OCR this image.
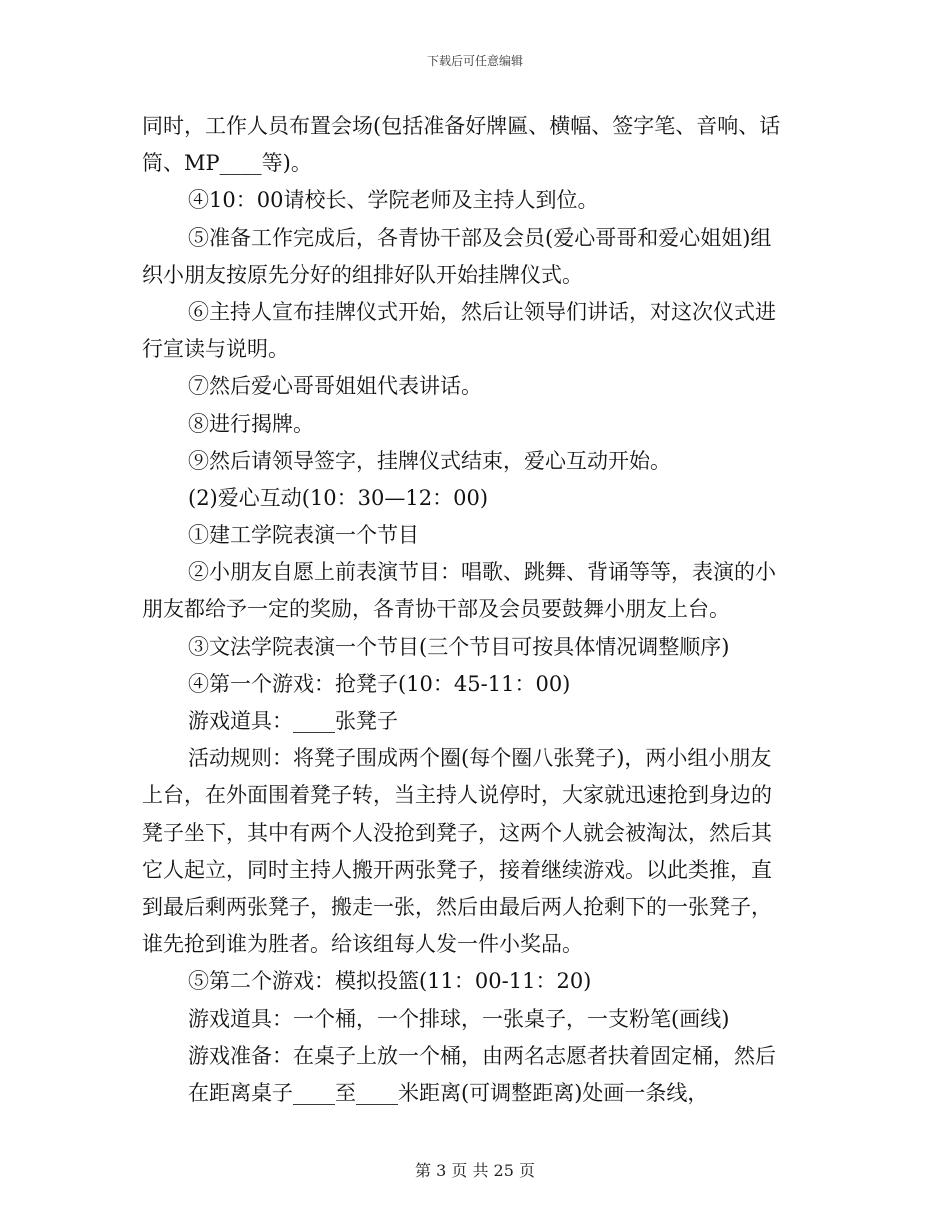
下载后可任意编辑
同时，工作人员布置会场(包括准备好牌匾、横幅、签字笔、音响、话
筒、MP____等)。
④10：00请校长、学院老师及主持人到位。
⑤准备工作完成后，各青协干部及会员(爱心哥哥和爱心姐姐)组
织小朋友按原先分好的组排好队开始挂牌仪式。
⑥主持人宣布挂牌仪式开始，然后让领导们讲话，对这次仪式进
行宣读与说明。
⑦然后爱心哥哥姐姐代表讲话。
⑧进行揭牌。
⑨然后请领导签字，挂牌仪式结束，爱心互动开始。
(2)爱心互动(10：30—12：00)
①建工学院表演一个节目
②小朋友自愿上前表演节目：唱歌、跳舞、背诵等等，表演的小
朋友都给予一定的奖励，各青协干部及会员要鼓舞小朋友上台。
③文法学院表演一个节目(三个节目可按具体情况调整顺序)
④第一个游戏：抢凳子(10：45-11：00)
游戏道具：____张凳子
活动规则：将凳子围成两个圈(每个圈八张凳子)，两小组小朋友
上台，在外面围着凳子转，当主持人说停时，大家就迅速抢到身边的
凳子坐下，其中有两个人没抢到凳子，这两个人就会被淘汰，然后其
它人起立，同时主持人搬开两张凳子，接着继续游戏。以此类推，直
到最后剩两张凳子，搬走一张，然后由最后两人抢剩下的一张凳子，
谁先抢到谁为胜者。给该组每人发一件小奖品。
⑤第二个游戏：模拟投篮(11：00-11：20)
游戏道具：一个桶，一个排球，一张桌子，一支粉笔(画线)
游戏准备：在桌子上放一个桶，由两名志愿者扶着固定桶，然后
在距离桌子____至____米距离(可调整距离)处画一条线，
第 3 页 共 25 页
